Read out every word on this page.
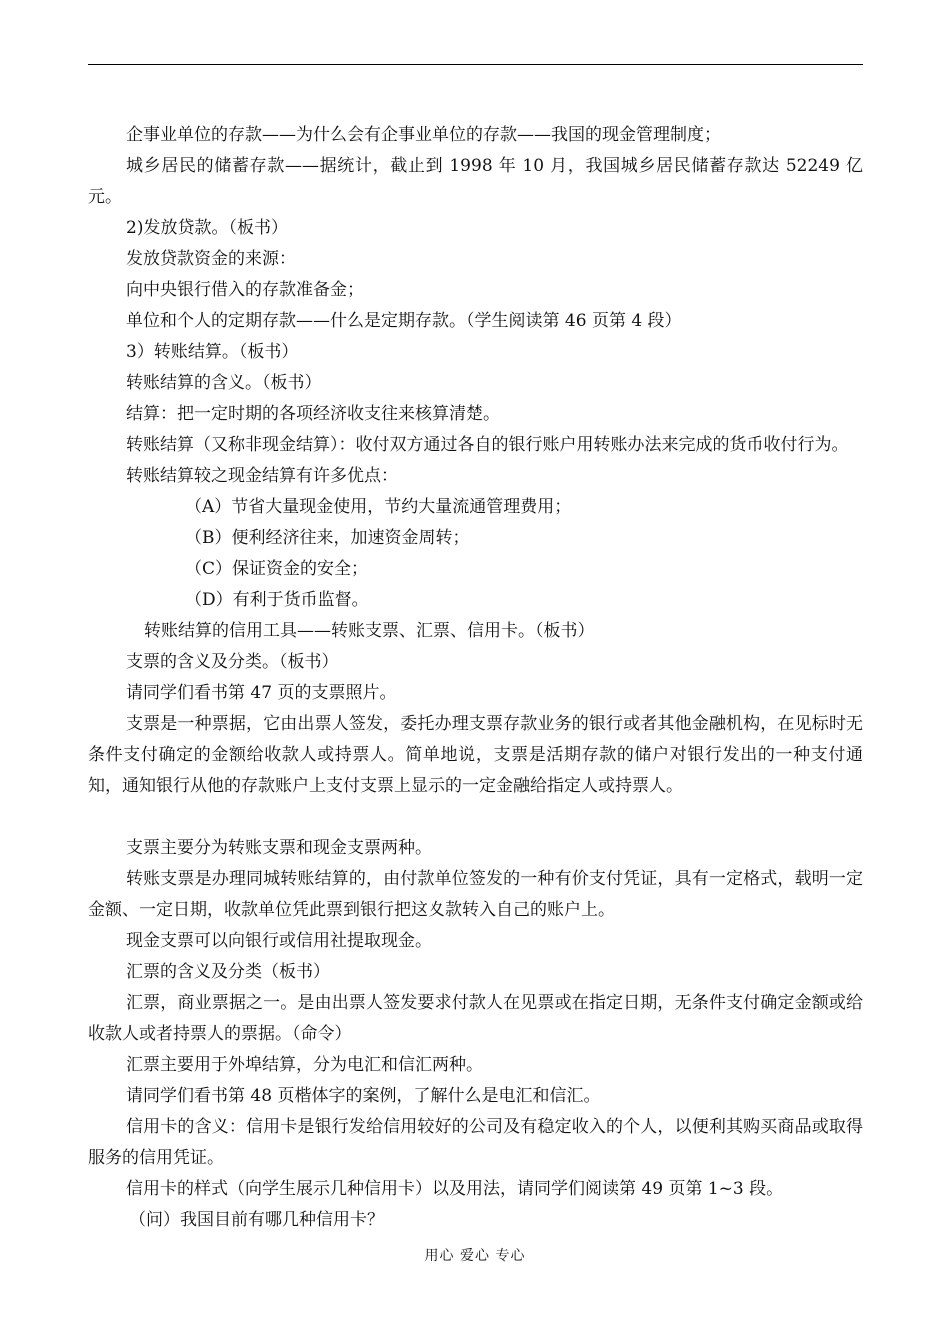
企事业单位的存款——为什么会有企事业单位的存款——我国的现金管理制度；

城乡居民的储蓄存款——据统计，截止到 1998 年 10 月，我国城乡居民储蓄存款达 52249 亿元。

2)发放贷款。（板书）

发放贷款资金的来源：

向中央银行借入的存款准备金；

单位和个人的定期存款——什么是定期存款。（学生阅读第 46 页第 4 段）

3）转账结算。（板书）

转账结算的含义。（板书）

结算：把一定时期的各项经济收支往来核算清楚。

转账结算（又称非现金结算）：收付双方通过各自的银行账户用转账办法来完成的货币收付行为。

转账结算较之现金结算有许多优点：

（A）节省大量现金使用，节约大量流通管理费用；

（B）便利经济往来，加速资金周转；

（C）保证资金的安全；

（D）有利于货币监督。

转账结算的信用工具——转账支票、汇票、信用卡。（板书）

支票的含义及分类。（板书）

请同学们看书第 47 页的支票照片。

支票是一种票据，它由出票人签发，委托办理支票存款业务的银行或者其他金融机构，在见标时无条件支付确定的金额给收款人或持票人。简单地说，支票是活期存款的储户对银行发出的一种支付通知，通知银行从他的存款账户上支付支票上显示的一定金融给指定人或持票人。

支票主要分为转账支票和现金支票两种。

转账支票是办理同城转账结算的，由付款单位签发的一种有价支付凭证，具有一定格式，载明一定金额、一定日期，收款单位凭此票到银行把这夊款转入自己的账户上。

现金支票可以向银行或信用社提取现金。

汇票的含义及分类（板书）

汇票，商业票据之一。是由出票人签发要求付款人在见票或在指定日期，无条件支付确定金额或给收款人或者持票人的票据。（命令）

汇票主要用于外埠结算，分为电汇和信汇两种。

请同学们看书第 48 页楷体字的案例，了解什么是电汇和信汇。

信用卡的含义：信用卡是银行发给信用较好的公司及有稳定收入的个人，以便利其购买商品或取得服务的信用凭证。

信用卡的样式（向学生展示几种信用卡）以及用法，请同学们阅读第 49 页第 1~3 段。

（问）我国目前有哪几种信用卡？

用心 爱心 专心
